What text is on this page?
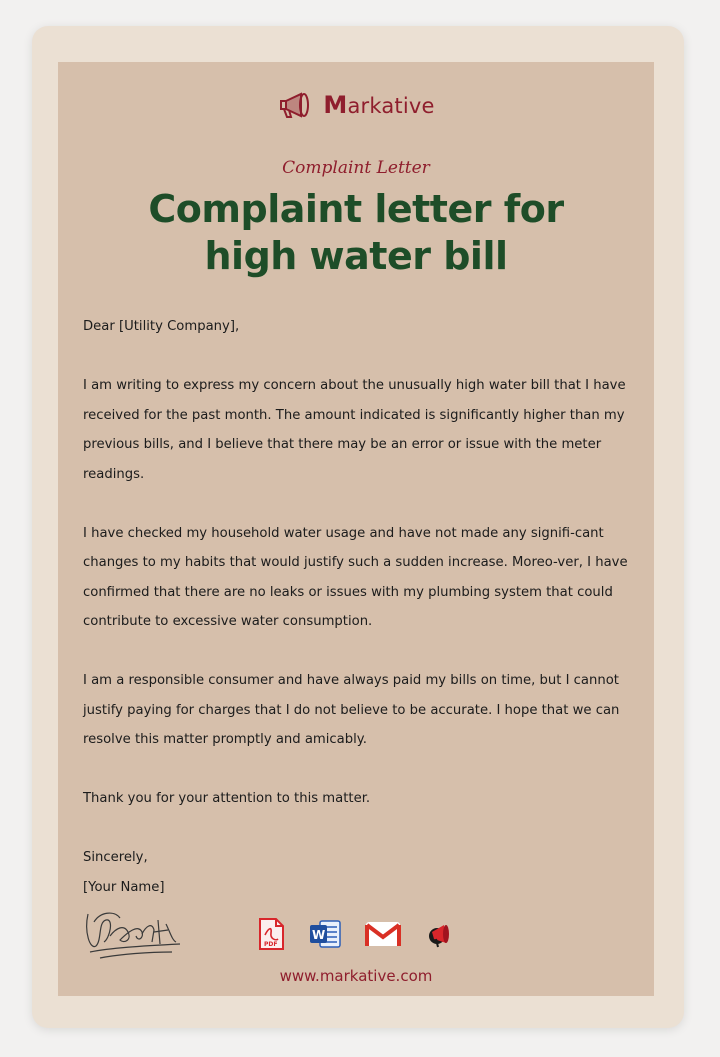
Markative
Complaint Letter
Complaint letter for
high water bill

Dear [Utility Company],

I am writing to express my concern about the unusually high water bill that I have received for the past month. The amount indicated is significantly higher than my previous bills, and I believe that there may be an error or issue with the meter readings.

I have checked my household water usage and have not made any signifi-cant changes to my habits that would justify such a sudden increase. Moreo-ver, I have confirmed that there are no leaks or issues with my plumbing system that could contribute to excessive water consumption.

I am a responsible consumer and have always paid my bills on time, but I cannot justify paying for charges that I do not believe to be accurate. I hope that we can resolve this matter promptly and amicably.

Thank you for your attention to this matter.

Sincerely,

[Your Name]

PDF
W
www.markative.com
